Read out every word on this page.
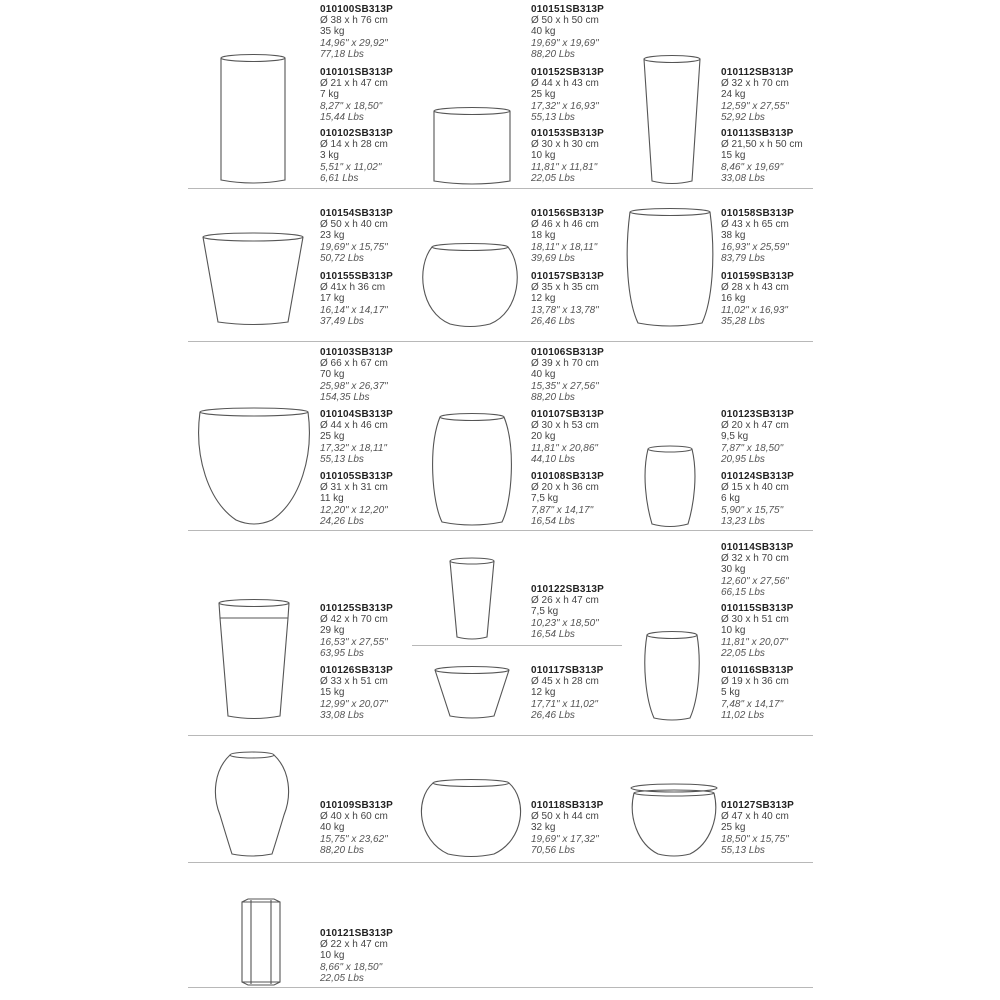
010100SB313P
Ø 38 x h 76 cm
35 kg
14,96" x 29,92"
77,18 Lbs
010101SB313P
Ø 21 x h 47 cm
7 kg
8,27" x 18,50"
15,44 Lbs
010102SB313P
Ø 14 x h 28 cm
3 kg
5,51" x 11,02"
6,61 Lbs
010151SB313P
Ø 50 x h 50 cm
40 kg
19,69" x 19,69"
88,20 Lbs
010152SB313P
Ø 44 x h 43 cm
25 kg
17,32" x 16,93"
55,13 Lbs
010153SB313P
Ø 30 x h 30 cm
10 kg
11,81" x 11,81"
22,05 Lbs
010112SB313P
Ø 32 x h 70 cm
24 kg
12,59" x 27,55"
52,92 Lbs
010113SB313P
Ø 21,50 x h 50 cm
15 kg
8,46" x 19,69"
33,08 Lbs
010154SB313P
Ø 50 x h 40 cm
23 kg
19,69" x 15,75"
50,72 Lbs
010155SB313P
Ø 41x h 36 cm
17 kg
16,14" x 14,17"
37,49 Lbs
010156SB313P
Ø 46 x h 46 cm
18 kg
18,11" x 18,11"
39,69 Lbs
010157SB313P
Ø 35 x h 35 cm
12 kg
13,78" x 13,78"
26,46 Lbs
010158SB313P
Ø 43 x h 65 cm
38 kg
16,93" x 25,59"
83,79 Lbs
010159SB313P
Ø 28 x h 43 cm
16 kg
11,02" x 16,93"
35,28 Lbs
010103SB313P
Ø 66 x h 67 cm
70 kg
25,98" x 26,37"
154,35 Lbs
010104SB313P
Ø 44 x h 46 cm
25 kg
17,32" x 18,11"
55,13 Lbs
010105SB313P
Ø 31 x h 31 cm
11 kg
12,20" x 12,20"
24,26 Lbs
010106SB313P
Ø 39 x h 70 cm
40 kg
15,35" x 27,56"
88,20 Lbs
010107SB313P
Ø 30 x h 53 cm
20 kg
11,81" x 20,86"
44,10 Lbs
010108SB313P
Ø 20 x h 36 cm
7,5 kg
7,87" x 14,17"
16,54 Lbs
010123SB313P
Ø 20 x h 47 cm
9,5 kg
7,87" x 18,50"
20,95 Lbs
010124SB313P
Ø 15 x h 40 cm
6 kg
5,90" x 15,75"
13,23 Lbs
010125SB313P
Ø 42 x h 70 cm
29 kg
16,53" x 27,55"
63,95 Lbs
010126SB313P
Ø 33 x h 51 cm
15 kg
12,99" x 20,07"
33,08 Lbs
010122SB313P
Ø 26 x h 47 cm
7,5 kg
10,23" x 18,50"
16,54 Lbs
010117SB313P
Ø 45 x h 28 cm
12 kg
17,71" x 11,02"
26,46 Lbs
010114SB313P
Ø 32 x h 70 cm
30 kg
12,60" x 27,56"
66,15 Lbs
010115SB313P
Ø 30 x h 51 cm
10 kg
11,81" x 20,07"
22,05 Lbs
010116SB313P
Ø 19 x h 36 cm
5 kg
7,48" x 14,17"
11,02 Lbs
010109SB313P
Ø 40 x h 60 cm
40 kg
15,75" x 23,62"
88,20 Lbs
010118SB313P
Ø 50 x h 44 cm
32 kg
19,69" x 17,32"
70,56 Lbs
010127SB313P
Ø 47 x h 40 cm
25 kg
18,50" x 15,75"
55,13 Lbs
010121SB313P
Ø 22 x h 47 cm
10 kg
8,66" x 18,50"
22,05 Lbs
